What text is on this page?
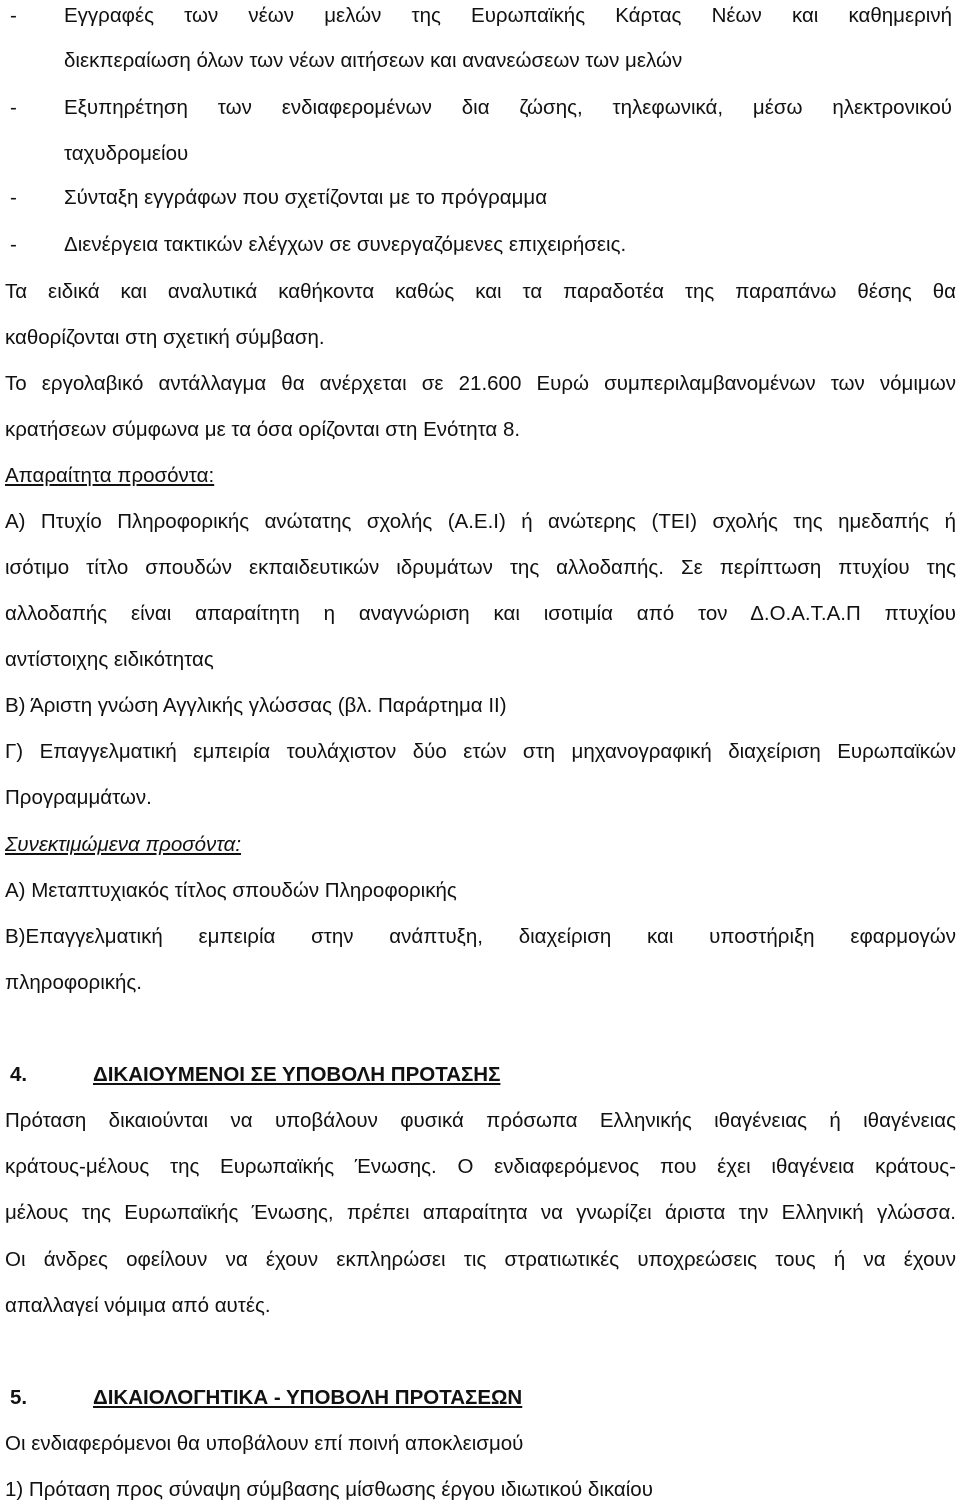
-	Εγγραφές των νέων μελών της Ευρωπαϊκής Κάρτας Νέων και καθημερινή
διεκπεραίωση όλων των νέων αιτήσεων και ανανεώσεων των μελών
-	Εξυπηρέτηση των ενδιαφερομένων δια ζώσης, τηλεφωνικά, μέσω ηλεκτρονικού
ταχυδρομείου
-	Σύνταξη εγγράφων που σχετίζονται με το πρόγραμμα
-	Διενέργεια τακτικών ελέγχων σε συνεργαζόμενες επιχειρήσεις.
Τα ειδικά και αναλυτικά καθήκοντα καθώς και τα παραδοτέα της παραπάνω θέσης θα
καθορίζονται στη σχετική σύμβαση.
Το εργολαβικό αντάλλαγμα θα ανέρχεται σε 21.600 Ευρώ συμπεριλαμβανομένων των νόμιμων
κρατήσεων σύμφωνα με τα όσα ορίζονται στη Ενότητα 8.
Απαραίτητα προσόντα:
Α) Πτυχίο Πληροφορικής ανώτατης σχολής (Α.Ε.Ι) ή ανώτερης (ΤΕΙ) σχολής της ημεδαπής ή
ισότιμο τίτλο σπουδών εκπαιδευτικών ιδρυμάτων της αλλοδαπής. Σε περίπτωση πτυχίου της
αλλοδαπής είναι απαραίτητη η αναγνώριση και ισοτιμία από τον Δ.Ο.Α.Τ.Α.Π πτυχίου
αντίστοιχης ειδικότητας
Β) Άριστη γνώση Αγγλικής γλώσσας (βλ. Παράρτημα ΙΙ)
Γ) Επαγγελματική εμπειρία τουλάχιστον δύο ετών στη μηχανογραφική διαχείριση Ευρωπαϊκών
Προγραμμάτων.
Συνεκτιμώμενα προσόντα:
Α) Μεταπτυχιακός τίτλος σπουδών Πληροφορικής
Β)Επαγγελματική εμπειρία στην ανάπτυξη, διαχείριση και υποστήριξη εφαρμογών
πληροφορικής.
4.	ΔΙΚΑΙΟΥΜΕΝΟΙ ΣΕ ΥΠΟΒΟΛΗ ΠΡΟΤΑΣΗΣ
Πρόταση δικαιούνται να υποβάλουν φυσικά πρόσωπα Ελληνικής ιθαγένειας ή ιθαγένειας
κράτους-μέλους της Ευρωπαϊκής Ένωσης. Ο ενδιαφερόμενος που έχει ιθαγένεια κράτους-
μέλους της Ευρωπαϊκής Ένωσης, πρέπει απαραίτητα να γνωρίζει άριστα την Ελληνική γλώσσα.
Οι άνδρες οφείλουν να έχουν εκπληρώσει τις στρατιωτικές υποχρεώσεις τους ή να έχουν
απαλλαγεί νόμιμα από αυτές.
5.	ΔΙΚΑΙΟΛΟΓΗΤΙΚΑ - ΥΠΟΒΟΛΗ ΠΡΟΤΑΣΕΩΝ
Οι ενδιαφερόμενοι θα υποβάλουν επί ποινή αποκλεισμού
1) Πρόταση προς σύναψη σύμβασης μίσθωσης έργου ιδιωτικού δικαίου
